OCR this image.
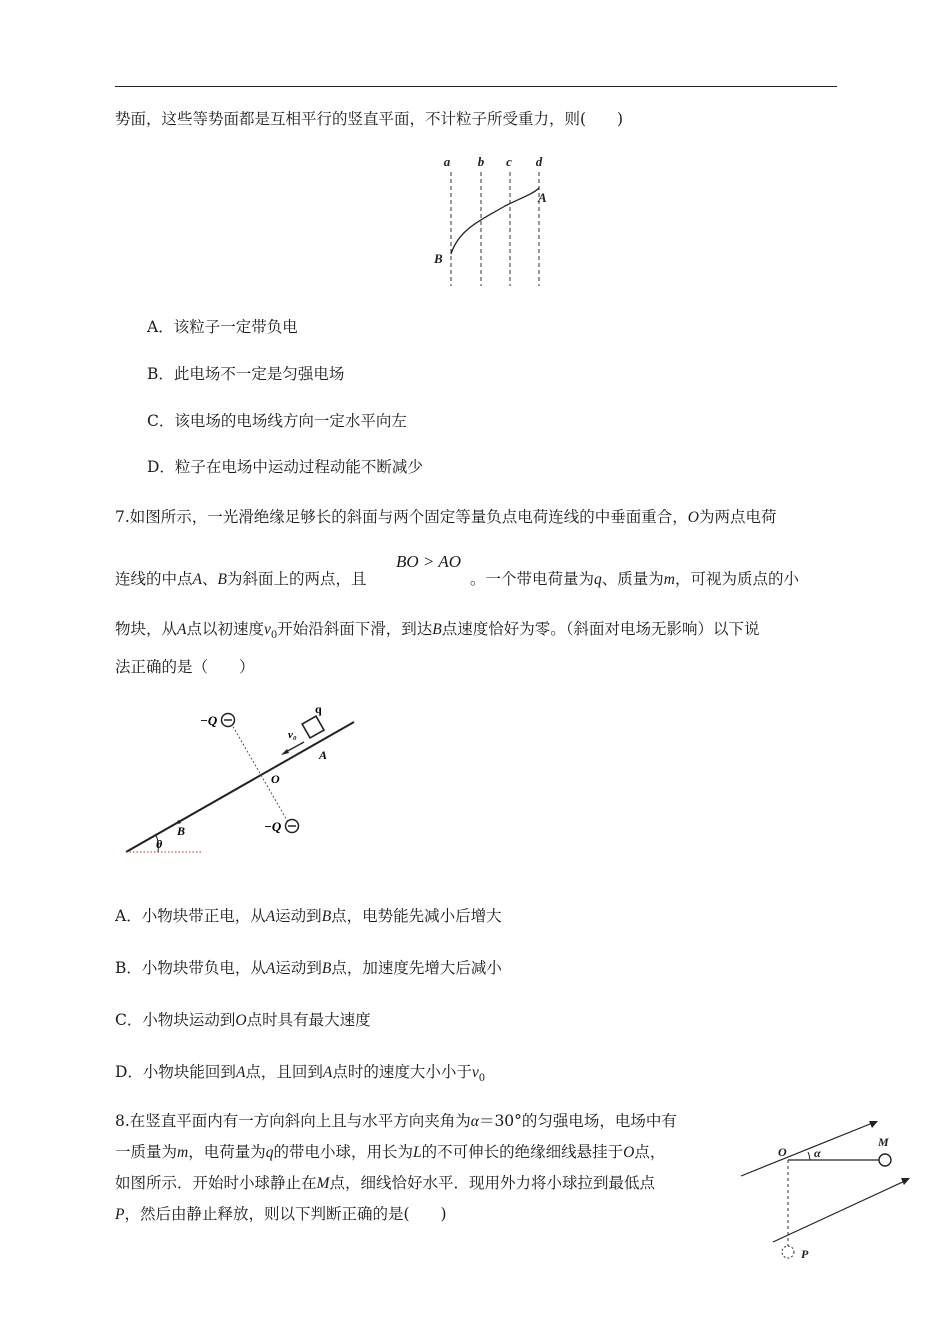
势面，这些等势面都是互相平行的竖直平面，不计粒子所受重力，则(　　)
a b c d
A
B
A．该粒子一定带负电
B．此电场不一定是匀强电场
C．该电场的电场线方向一定水平向左
D．粒子在电场中运动过程动能不断减少
7.如图所示，一光滑绝缘足够长的斜面与两个固定等量负点电荷连线的中垂面重合，O为两点电荷
连线的中点A、B为斜面上的两点，且
BO > AO
。一个带电荷量为q、质量为m，可视为质点的小
物块，从A点以初速度$v_0$开始沿斜面下滑，到达B点速度恰好为零。（斜面对电场无影响）以下说
法正确的是（　　）
θ
−Q
−Q
q
v₀
A
O
B
A．小物块带正电，从A运动到B点，电势能先减小后增大
B．小物块带负电，从A运动到B点，加速度先增大后减小
C．小物块运动到O点时具有最大速度
D．小物块能回到A点，且回到A点时的速度大小小于$v_0$
8.在竖直平面内有一方向斜向上且与水平方向夹角为α＝30°的匀强电场，电场中有
一质量为m，电荷量为q的带电小球，用长为L的不可伸长的绝缘细线悬挂于O点，
如图所示．开始时小球静止在M点，细线恰好水平．现用外力将小球拉到最低点
P，然后由静止释放，则以下判断正确的是(　　)
O α
M
P
